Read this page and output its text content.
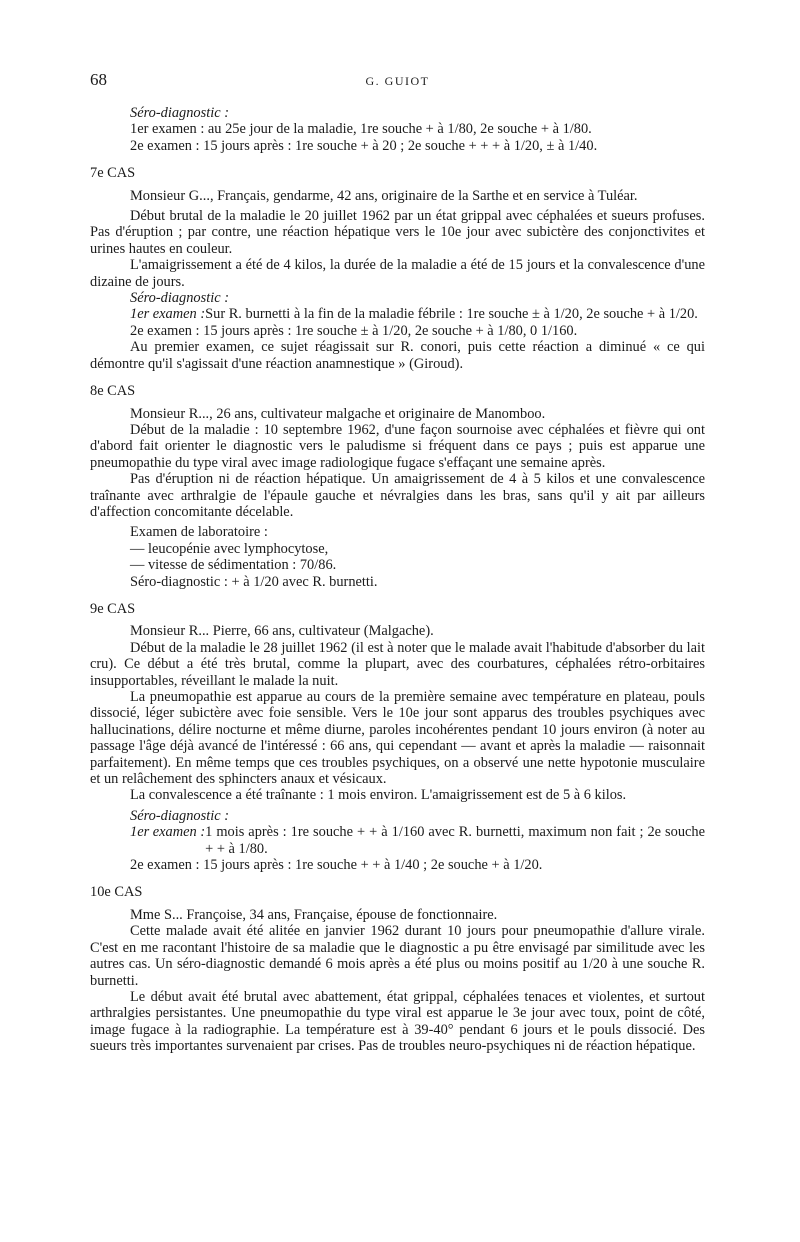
68	G. GUIOT

Séro-diagnostic :

1er examen : au 25e jour de la maladie, 1re souche + à 1/80, 2e souche + à 1/80.

2e examen : 15 jours après : 1re souche + à 20 ; 2e souche + + + à 1/20, ± à 1/40.

7e CAS

Monsieur G..., Français, gendarme, 42 ans, originaire de la Sarthe et en service à Tuléar.

Début brutal de la maladie le 20 juillet 1962 par un état grippal avec céphalées et sueurs profuses. Pas d'éruption ; par contre, une réaction hépatique vers le 10e jour avec subictère des conjonctivites et urines hautes en couleur.

L'amaigrissement a été de 4 kilos, la durée de la maladie a été de 15 jours et la convalescence d'une dizaine de jours.

Séro-diagnostic :

1er examen : Sur R. burnetti à la fin de la maladie fébrile : 1re souche ± à 1/20, 2e souche + à 1/20.

2e examen : 15 jours après : 1re souche ± à 1/20, 2e souche + à 1/80, 0 1/160.

Au premier examen, ce sujet réagissait sur R. conori, puis cette réaction a diminué « ce qui démontre qu'il s'agissait d'une réaction anamnestique » (Giroud).

8e CAS

Monsieur R..., 26 ans, cultivateur malgache et originaire de Manomboo.

Début de la maladie : 10 septembre 1962, d'une façon sournoise avec céphalées et fièvre qui ont d'abord fait orienter le diagnostic vers le paludisme si fréquent dans ce pays ; puis est apparue une pneumopathie du type viral avec image radiologique fugace s'effaçant une semaine après.

Pas d'éruption ni de réaction hépatique. Un amaigrissement de 4 à 5 kilos et une convalescence traînante avec arthralgie de l'épaule gauche et névralgies dans les bras, sans qu'il y ait par ailleurs d'affection concomitante décelable.

Examen de laboratoire :

— leucopénie avec lymphocytose,

— vitesse de sédimentation : 70/86.

Séro-diagnostic : + à 1/20 avec R. burnetti.

9e CAS

Monsieur R... Pierre, 66 ans, cultivateur (Malgache).

Début de la maladie le 28 juillet 1962 (il est à noter que le malade avait l'habitude d'absorber du lait cru). Ce début a été très brutal, comme la plupart, avec des courbatures, céphalées rétro-orbitaires insupportables, réveillant le malade la nuit.

La pneumopathie est apparue au cours de la première semaine avec température en plateau, pouls dissocié, léger subictère avec foie sensible. Vers le 10e jour sont apparus des troubles psychiques avec hallucinations, délire nocturne et même diurne, paroles incohérentes pendant 10 jours environ (à noter au passage l'âge déjà avancé de l'intéressé : 66 ans, qui cependant — avant et après la maladie — raisonnait parfaitement). En même temps que ces troubles psychiques, on a observé une nette hypotonie musculaire et un relâchement des sphincters anaux et vésicaux.

La convalescence a été traînante : 1 mois environ. L'amaigrissement est de 5 à 6 kilos.

Séro-diagnostic :

1er examen : 1 mois après : 1re souche + + à 1/160 avec R. burnetti, maximum non fait ; 2e souche + + à 1/80.

2e examen : 15 jours après : 1re souche + + à 1/40 ; 2e souche + à 1/20.

10e CAS

Mme S... Françoise, 34 ans, Française, épouse de fonctionnaire.

Cette malade avait été alitée en janvier 1962 durant 10 jours pour pneumopathie d'allure virale. C'est en me racontant l'histoire de sa maladie que le diagnostic a pu être envisagé par similitude avec les autres cas. Un séro-diagnostic demandé 6 mois après a été plus ou moins positif au 1/20 à une souche R. burnetti.

Le début avait été brutal avec abattement, état grippal, céphalées tenaces et violentes, et surtout arthralgies persistantes. Une pneumopathie du type viral est apparue le 3e jour avec toux, point de côté, image fugace à la radiographie. La température est à 39-40° pendant 6 jours et le pouls dissocié. Des sueurs très importantes survenaient par crises. Pas de troubles neuro-psychiques ni de réaction hépatique.
